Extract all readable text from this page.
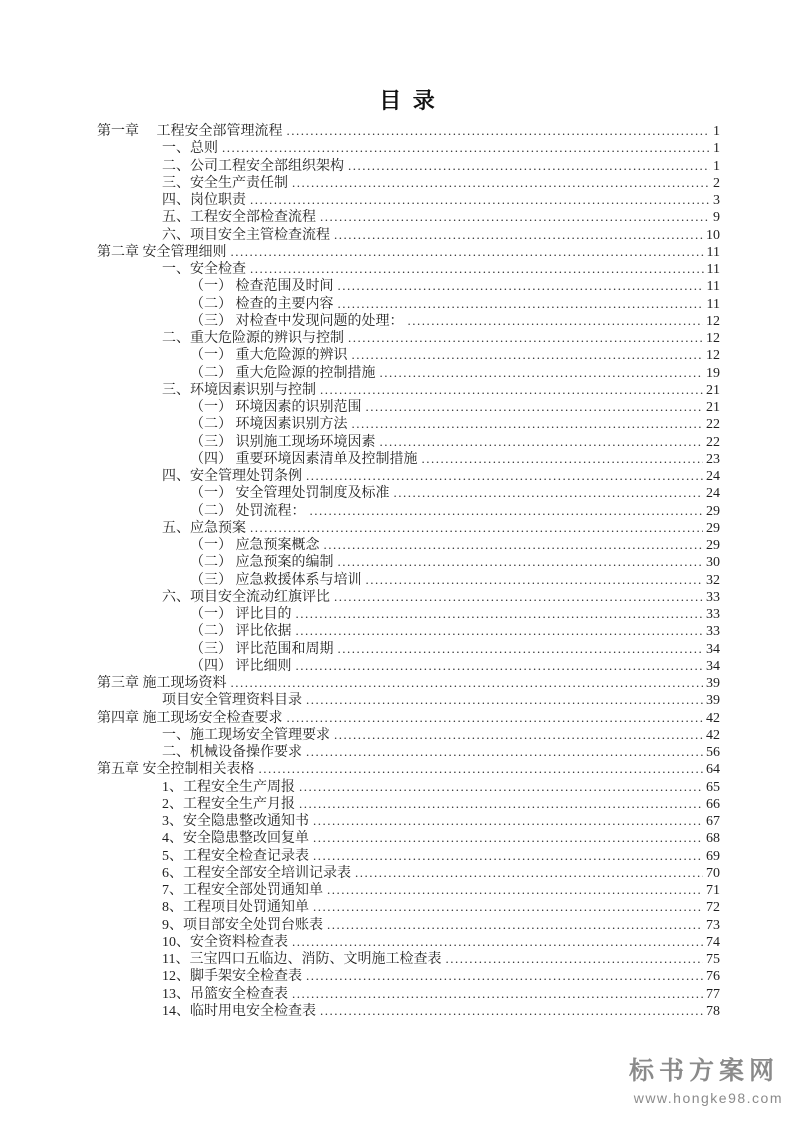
目 录
第一章　 工程安全部管理流程 .....	1
一、总则 .....	1
二、公司工程安全部组织架构 .....	1
三、安全生产责任制 .....	2
四、岗位职责 .....	3
五、工程安全部检查流程 .....	9
六、项目安全主管检查流程 .....	10
第二章 安全管理细则 .....	11
一、安全检查 .....	11
（一） 检查范围及时间 .....	11
（二） 检查的主要内容 .....	11
（三） 对检查中发现问题的处理： .....	12
二、重大危险源的辨识与控制 .....	12
（一） 重大危险源的辨识 .....	12
（二） 重大危险源的控制措施 .....	19
三、环境因素识别与控制 .....	21
（一） 环境因素的识别范围 .....	21
（二） 环境因素识别方法 .....	22
（三） 识别施工现场环境因素 .....	22
（四） 重要环境因素清单及控制措施 .....	23
四、安全管理处罚条例 .....	24
（一） 安全管理处罚制度及标准 .....	24
（二） 处罚流程： .....	29
五、应急预案 .....	29
（一） 应急预案概念 .....	29
（二） 应急预案的编制 .....	30
（三） 应急救援体系与培训 .....	32
六、项目安全流动红旗评比 .....	33
（一） 评比目的 .....	33
（二） 评比依据 .....	33
（三） 评比范围和周期 .....	34
（四） 评比细则 .....	34
第三章 施工现场资料 .....	39
项目安全管理资料目录 .....	39
第四章 施工现场安全检查要求 .....	42
一、施工现场安全管理要求 .....	42
二、机械设备操作要求 .....	56
第五章 安全控制相关表格 .....	64
1、工程安全生产周报 .....	65
2、工程安全生产月报 .....	66
3、安全隐患整改通知书 .....	67
4、安全隐患整改回复单 .....	68
5、工程安全检查记录表 .....	69
6、工程安全部安全培训记录表 .....	70
7、工程安全部处罚通知单 .....	71
8、工程项目处罚通知单 .....	72
9、项目部安全处罚台账表 .....	73
10、安全资料检查表 .....	74
11、三宝四口五临边、消防、文明施工检查表 .....	75
12、脚手架安全检查表 .....	76
13、吊篮安全检查表 .....	77
14、临时用电安全检查表 .....	78
标书方案网
www.hongke98.com
